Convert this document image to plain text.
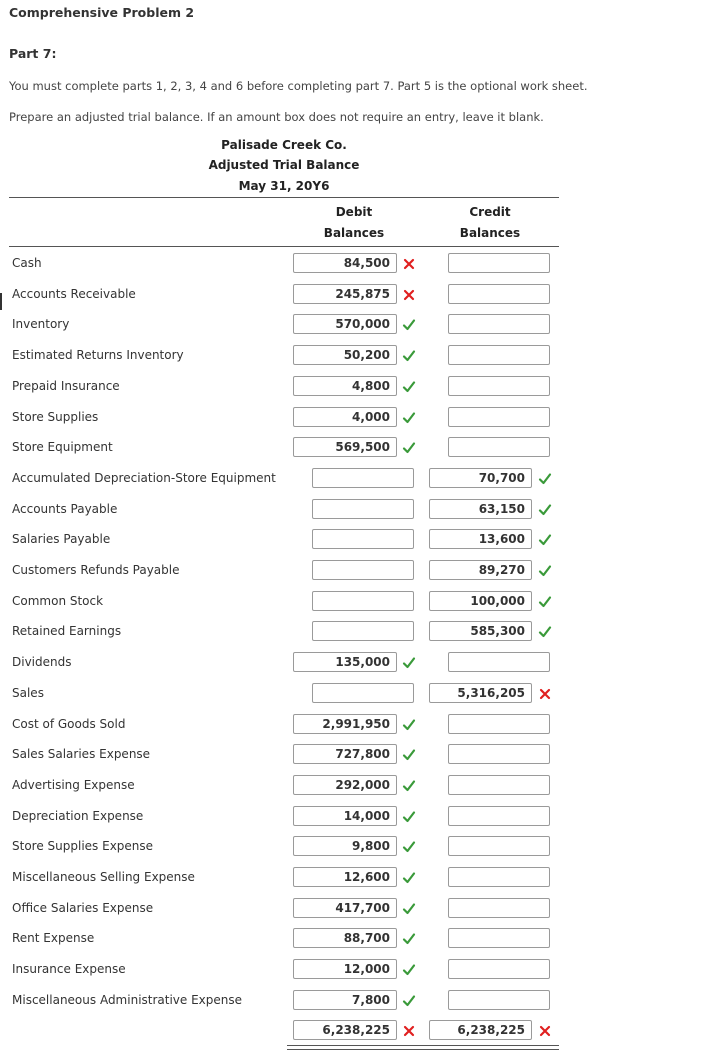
Comprehensive Problem 2
Part 7:
You must complete parts 1, 2, 3, 4 and 6 before completing part 7. Part 5 is the optional work sheet.
Prepare an adjusted trial balance. If an amount box does not require an entry, leave it blank.
Palisade Creek Co.
Adjusted Trial Balance
May 31, 20Y6
Debit
Balances
Credit
Balances
Cash
84,500
Accounts Receivable
245,875
Inventory
570,000
Estimated Returns Inventory
50,200
Prepaid Insurance
4,800
Store Supplies
4,000
Store Equipment
569,500
Accumulated Depreciation-Store Equipment
70,700
Accounts Payable
63,150
Salaries Payable
13,600
Customers Refunds Payable
89,270
Common Stock
100,000
Retained Earnings
585,300
Dividends
135,000
Sales
5,316,205
Cost of Goods Sold
2,991,950
Sales Salaries Expense
727,800
Advertising Expense
292,000
Depreciation Expense
14,000
Store Supplies Expense
9,800
Miscellaneous Selling Expense
12,600
Office Salaries Expense
417,700
Rent Expense
88,700
Insurance Expense
12,000
Miscellaneous Administrative Expense
7,800
6,238,225
6,238,225
